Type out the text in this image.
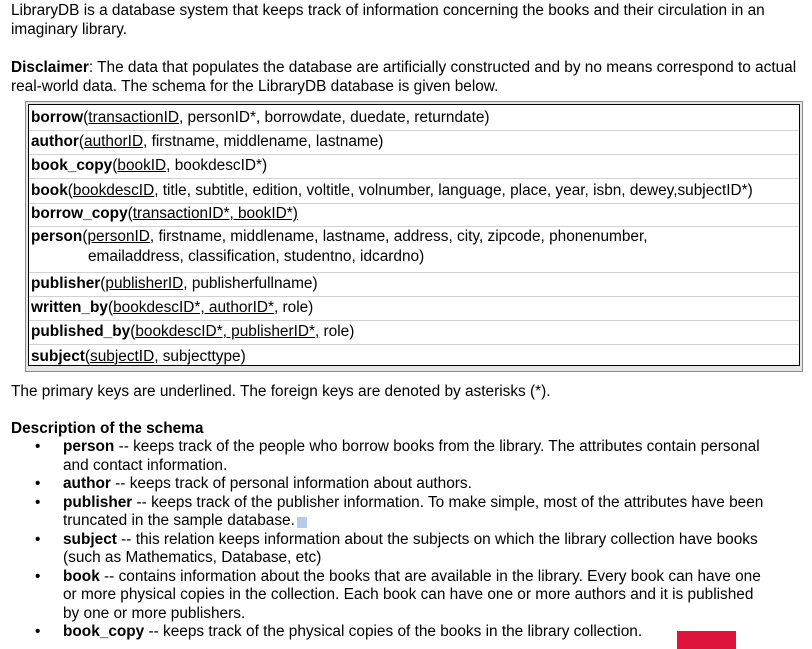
LibraryDB is a database system that keeps track of information concerning the books and their circulation in an imaginary library.

Disclaimer: The data that populates the database are artificially constructed and by no means correspond to actual real-world data. The schema for the LibraryDB database is given below.

borrow(transactionID, personID*, borrowdate, duedate, returndate)
author(authorID, firstname, middlename, lastname)
book_copy(bookID, bookdescID*)
book(bookdescID, title, subtitle, edition, voltitle, volnumber, language, place, year, isbn, dewey,subjectID*)
borrow_copy(transactionID*, bookID*)
person(personID, firstname, middlename, lastname, address, city, zipcode, phonenumber,
emailaddress, classification, studentno, idcardno)
publisher(publisherID, publisherfullname)
written_by(bookdescID*, authorID*, role)
published_by(bookdescID*, publisherID*, role)
subject(subjectID, subjecttype)

The primary keys are underlined. The foreign keys are denoted by asterisks (*).

Description of the schema

• person -- keeps track of the people who borrow books from the library. The attributes contain personal and contact information.
• author -- keeps track of personal information about authors.
• publisher -- keeps track of the publisher information. To make simple, most of the attributes have been truncated in the sample database.
• subject -- this relation keeps information about the subjects on which the library collection have books (such as Mathematics, Database, etc)
• book -- contains information about the books that are available in the library. Every book can have one or more physical copies in the collection. Each book can have one or more authors and it is published by one or more publishers.
• book_copy -- keeps track of the physical copies of the books in the library collection.
